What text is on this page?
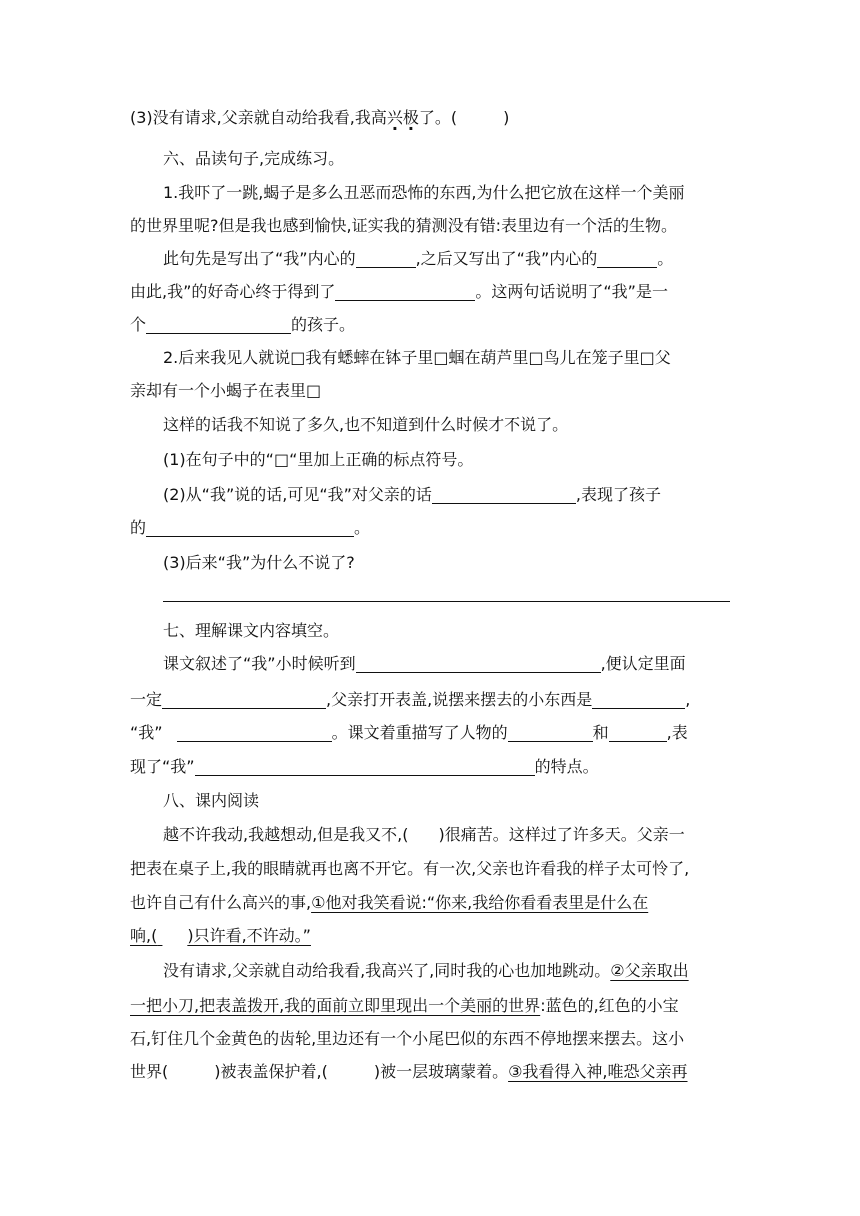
(3)没有请求,父亲就自动给我看,我高兴极了。(	)
六、品读句子,完成练习。
1.我吓了一跳,蝎子是多么丑恶而恐怖的东西,为什么把它放在这样一个美丽
的世界里呢?但是我也感到愉快,证实我的猜测没有错:表里边有一个活的生物。
此句先是写出了“我”内心的	,之后又写出了“我”内心的	。
由此,我”的好奇心终于得到了	。这两句话说明了“我”是一
个	的孩子。
2.后来我见人就说□我有蟋蟀在钵子里□蝈在葫芦里□鸟儿在笼子里□父
亲却有一个小蝎子在表里□
这样的话我不知说了多久,也不知道到什么时候才不说了。
(1)在句子中的“□“里加上正确的标点符号。
(2)从“我”说的话,可见“我”对父亲的话	,表现了孩子
的	。
(3)后来“我”为什么不说了?
七、理解课文内容填空。
课文叙述了“我”小时候听到	,便认定里面
一定	,父亲打开表盖,说摆来摆去的小东西是	,
“我”	。课文着重描写了人物的	和	,表
现了“我”	的特点。
八、课内阅读
越不许我动,我越想动,但是我又不,( )很痛苦。这样过了许多天。父亲一
把表在桌子上,我的眼睛就再也离不开它。有一次,父亲也许看我的样子太可怜了,
也许自己有什么高兴的事,①他对我笑看说:“你来,我给你看看表里是什么在
响,( )只许看,不许动。”
没有请求,父亲就自动给我看,我高兴了,同时我的心也加地跳动。②父亲取出
一把小刀,把表盖拨开,我的面前立即里现出一个美丽的世界:蓝色的,红色的小宝
石,钉住几个金黄色的齿轮,里边还有一个小尾巴似的东西不停地摆来摆去。这小
世界(	)被表盖保护着,(	)被一层玻璃蒙着。③我看得入神,唯恐父亲再
